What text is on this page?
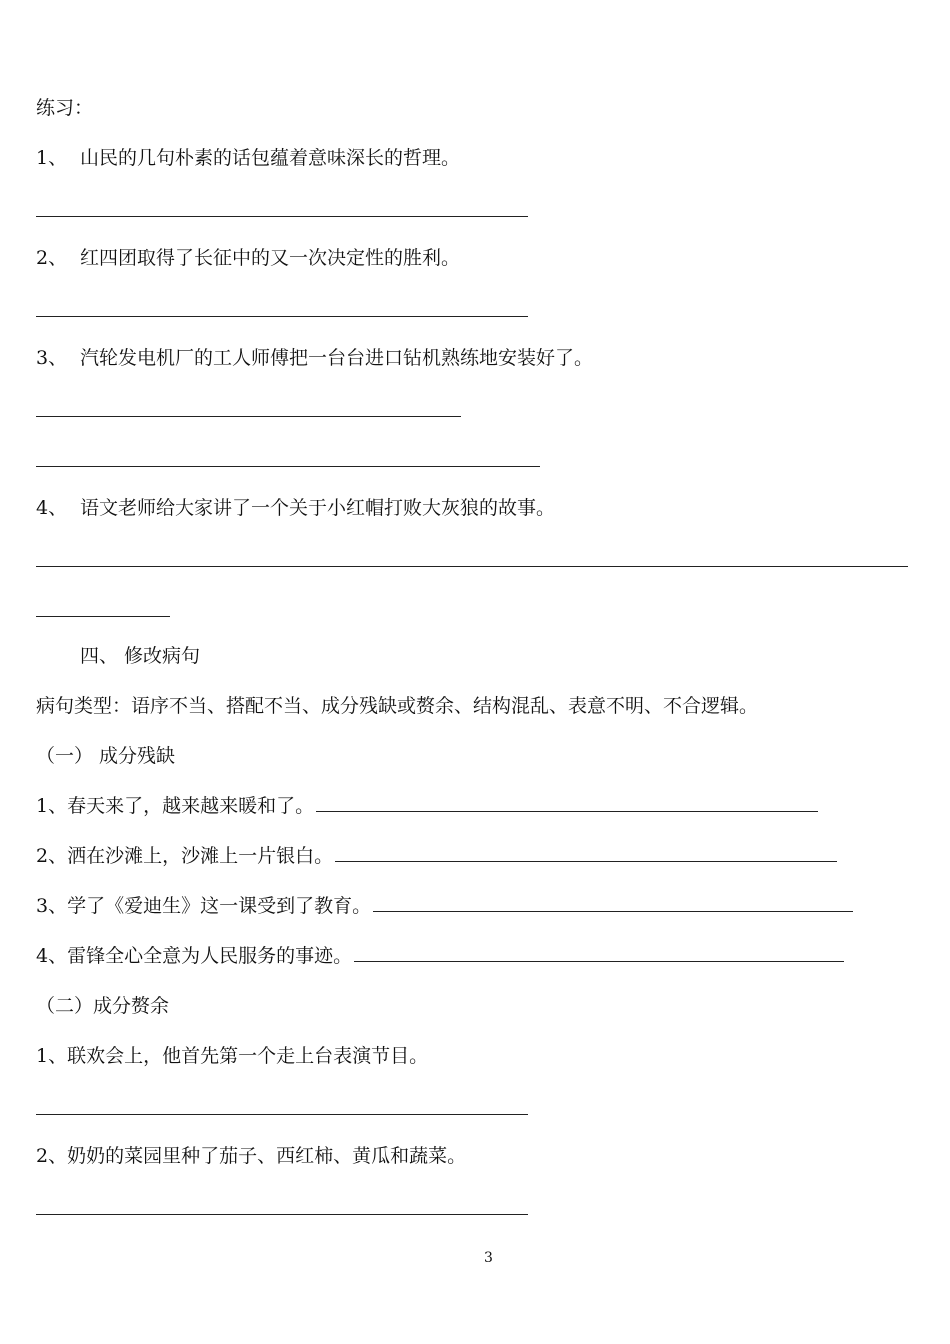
练习：
1、 山民的几句朴素的话包蕴着意味深长的哲理。
2、 红四团取得了长征中的又一次决定性的胜利。
3、 汽轮发电机厂的工人师傅把一台台进口钻机熟练地安装好了。
4、 语文老师给大家讲了一个关于小红帽打败大灰狼的故事。
四、 修改病句
病句类型：语序不当、搭配不当、成分残缺或赘余、结构混乱、表意不明、不合逻辑。
（一） 成分残缺
1、春天来了，越来越来暖和了。
2、洒在沙滩上，沙滩上一片银白。
3、学了《爱迪生》这一课受到了教育。
4、雷锋全心全意为人民服务的事迹。
（二）成分赘余
1、联欢会上，他首先第一个走上台表演节目。
2、奶奶的菜园里种了茄子、西红柿、黄瓜和蔬菜。
3
